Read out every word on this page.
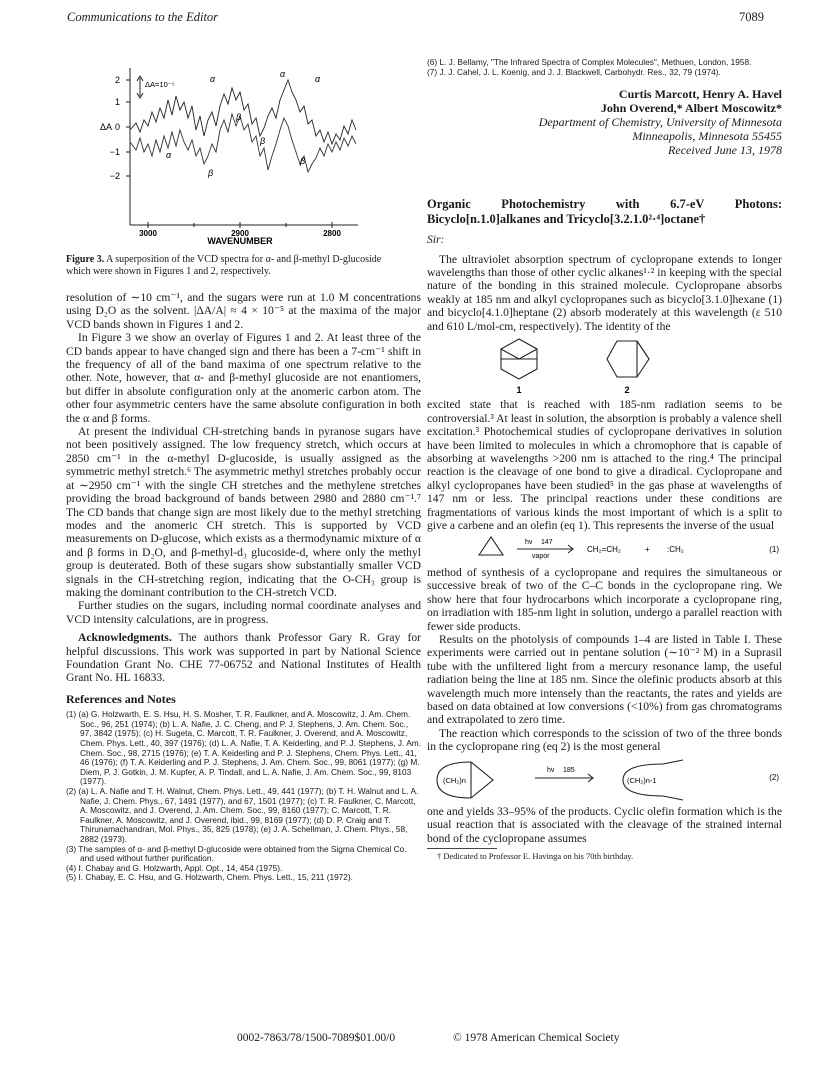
Communications to the Editor	7089
2
1
0
−1
−2
ΔA
ΔA=10⁻⁵
3000	2900	2800
WAVENUMBER
α	α	α
α
β
β
β
β
Figure 3. A superposition of the VCD spectra for α- and β-methyl D-glucoside which were shown in Figures 1 and 2, respectively.

resolution of ∼10 cm⁻¹, and the sugars were run at 1.0 M concentrations using D₂O as the solvent. |ΔA/A| ≈ 4 × 10⁻⁵ at the maxima of the major VCD bands shown in Figures 1 and 2.

In Figure 3 we show an overlay of Figures 1 and 2. At least three of the CD bands appear to have changed sign and there has been a 7-cm⁻¹ shift in the frequency of all of the band maxima of one spectrum relative to the other. Note, however, that α- and β-methyl glucoside are not enantiomers, but differ in absolute configuration only at the anomeric carbon atom. The other four asymmetric centers have the same absolute configuration in both the α and β forms.

At present the individual CH-stretching bands in pyranose sugars have not been positively assigned. The low frequency stretch, which occurs at 2850 cm⁻¹ in the α-methyl D-glucoside, is usually assigned as the symmetric methyl stretch.⁶ The asymmetric methyl stretches probably occur at ∼2950 cm⁻¹ with the single CH stretches and the methylene stretches providing the broad background of bands between 2980 and 2880 cm⁻¹.⁷ The CD bands that change sign are most likely due to the methyl stretching modes and the anomeric CH stretch. This is supported by VCD measurements on D-glucose, which exists as a thermodynamic mixture of α and β forms in D₂O, and β-methyl-d₃ glucoside-d, where only the methyl group is deuterated. Both of these sugars show substantially smaller VCD signals in the CH-stretching region, indicating that the O-CH₃ group is making the dominant contribution to the CH-stretch VCD.

Further studies on the sugars, including normal coordinate analyses and VCD intensity calculations, are in progress.

Acknowledgments. The authors thank Professor Gary R. Gray for helpful discussions. This work was supported in part by National Science Foundation Grant No. CHE 77-06752 and National Institutes of Health Grant No. HL 16833.

References and Notes
(1) (a) G. Holzwarth, E. S. Hsu, H. S. Mosher, T. R. Faulkner, and A. Moscowitz, J. Am. Chem. Soc., 96, 251 (1974); (b) L. A. Nafie, J. C. Cheng, and P. J. Stephens, J. Am. Chem. Soc., 97, 3842 (1975); (c) H. Sugeta, C. Marcott, T. R. Faulkner, J. Overend, and A. Moscowitz, Chem. Phys. Lett., 40, 397 (1976); (d) L. A. Nafie, T. A. Keiderling, and P. J. Stephens, J. Am. Chem. Soc., 98, 2715 (1976); (e) T. A. Keiderling and P. J. Stephens, Chem. Phys. Lett., 41, 46 (1976); (f) T. A. Keiderling and P. J. Stephens, J. Am. Chem. Soc., 99, 8061 (1977); (g) M. Diem, P. J. Gotkin, J. M. Kupfer, A. P. Tindall, and L. A. Nafie, J. Am. Chem. Soc., 99, 8103 (1977).
(2) (a) L. A. Nafie and T. H. Walnut, Chem. Phys. Lett., 49, 441 (1977); (b) T. H. Walnut and L. A. Nafie, J. Chem. Phys., 67, 1491 (1977), and 67, 1501 (1977); (c) T. R. Faulkner, C. Marcott, A. Moscowitz, and J. Overend, J. Am. Chem. Soc., 99, 8160 (1977); C. Marcott, T. R. Faulkner, A. Moscowitz, and J. Overend, ibid., 99, 8169 (1977); (d) D. P. Craig and T. Thirunamachandran, Mol. Phys., 35, 825 (1978); (e) J. A. Schellman, J. Chem. Phys., 58, 2882 (1973).
(3) The samples of α- and β-methyl D-glucoside were obtained from the Sigma Chemical Co. and used without further purification.
(4) I. Chabay and G. Holzwarth, Appl. Opt., 14, 454 (1975).
(5) I. Chabay, E. C. Hsu, and G. Holzwarth, Chem. Phys. Lett., 15, 211 (1972).
(6) L. J. Bellamy, "The Infrared Spectra of Complex Molecules", Methuen, London, 1958.
(7) J. J. Cahel, J. L. Koenig, and J. J. Blackwell, Carbohydr. Res., 32, 79 (1974).
Curtis Marcott, Henry A. Havel
John Overend,* Albert Moscowitz*
Department of Chemistry, University of Minnesota
Minneapolis, Minnesota 55455
Received June 13, 1978
Organic Photochemistry with 6.7-eV Photons: Bicyclo[n.1.0]alkanes and Tricyclo[3.2.1.0²·⁴]octane†
Sir:

The ultraviolet absorption spectrum of cyclopropane extends to longer wavelengths than those of other cyclic alkanes¹·² in keeping with the special nature of the bonding in this strained molecule. Cyclopropane absorbs weakly at 185 nm and alkyl cyclopropanes such as bicyclo[3.1.0]hexane (1) and bicyclo[4.1.0]heptane (2) absorb moderately at this wavelength (ε 510 and 610 L/mol-cm, respectively). The identity of the

1	2

excited state that is reached with 185-nm radiation seems to be controversial.³ At least in solution, the absorption is probably a valence shell excitation.³ Photochemical studies of cyclopropane derivatives in solution have been limited to molecules in which a chromophore that is capable of absorbing at wavelengths >200 nm is attached to the ring.⁴ The principal reaction is the cleavage of one bond to give a diradical. Cyclopropane and alkyl cyclopropanes have been studied⁵ in the gas phase at wavelengths of 147 nm or less. The principal reactions under these conditions are fragmentations of various kinds the most important of which is a split to give a carbene and an olefin (eq 1). This represents the inverse of the usual

hν 147
vapor
CH₂=CH₂	+ :CH₂	(1)

method of synthesis of a cyclopropane and requires the simultaneous or successive break of two of the C–C bonds in the cyclopropane ring. We show here that four hydrocarbons which incorporate a cyclopropane ring, on irradiation with 185-nm light in solution, undergo a parallel reaction with fewer side products.

Results on the photolysis of compounds 1–4 are listed in Table I. These experiments were carried out in pentane solution (∼10⁻² M) in a Suprasil tube with the unfiltered light from a mercury resonance lamp, the useful radiation being the line at 185 nm. Since the olefinic products absorb at this wavelength much more intensely than the reactants, the rates and yields are based on data obtained at low conversions (<10%) from gas chromatograms and extrapolated to zero time.

The reaction which corresponds to the scission of two of the three bonds in the cyclopropane ring (eq 2) is the most general

(CH₂)n
hν 185
(CH₂)n-1	(2)

one and yields 33–95% of the products. Cyclic olefin formation which is the usual reaction that is associated with the cleavage of the strained internal bond of the cyclopropane assumes

† Dedicated to Professor E. Havinga on his 70th birthday.
0002-7863/78/1500-7089$01.00/0	© 1978 American Chemical Society
